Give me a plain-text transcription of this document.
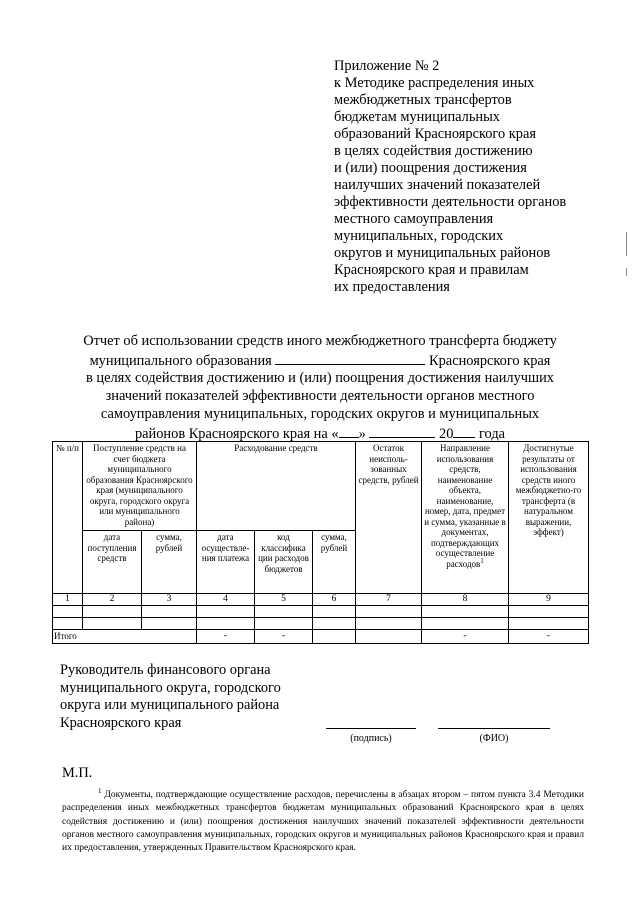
Приложение № 2
к Методике распределения иных
межбюджетных трансфертов
бюджетам муниципальных
образований Красноярского края
в целях содействия достижению
и (или) поощрения достижения
наилучших значений показателей
эффективности деятельности органов
местного самоуправления
муниципальных, городских
округов и муниципальных районов
Красноярского края и правилам
их предоставления
Отчет об использовании средств иного межбюджетного трансферта бюджету
муниципального образования	Красноярского края
в целях содействия достижению и (или) поощрения достижения наилучших
значений показателей эффективности деятельности органов местного
самоуправления муниципальных, городских округов и муниципальных
районов Красноярского края на « »	20 года
№ п/п	Поступление средств на счет бюджета муниципального образования Красноярского края (муниципального округа, городского округа или муниципального района)		Расходование средств			Остаток неисполь-зованных средств, рублей	Направление использования средств, наименование объекта, наименование, номер, дата, предмет и сумма, указанные в документах, подтверждающих осуществление расходов$^1$	Достигнутые результаты от использования средств иного межбюджетно-го трансферта (в натуральном выражении, эффект)
	дата поступления средств	сумма, рублей	дата осуществле-ния платежа	код классифика ции расходов бюджетов	сумма, рублей			
1	2	3	4	5	6	7	8	9

Итого			-	-			-	-
Руководитель финансового органа
муниципального округа, городского
округа или муниципального района
Красноярского края
(подпись)	(ФИО)
М.П.
$^1$ Документы, подтверждающие осуществление расходов, перечислены в абзацах втором – пятом пункта 3.4 Методики распределения иных межбюджетных трансфертов бюджетам муниципальных образований Красноярского края в целях содействия достижению и (или) поощрения достижения наилучших значений показателей эффективности деятельности органов местного самоуправления муниципальных, городских округов и муниципальных районов Красноярского края и правил их предоставления, утвержденных Правительством Красноярского края.
